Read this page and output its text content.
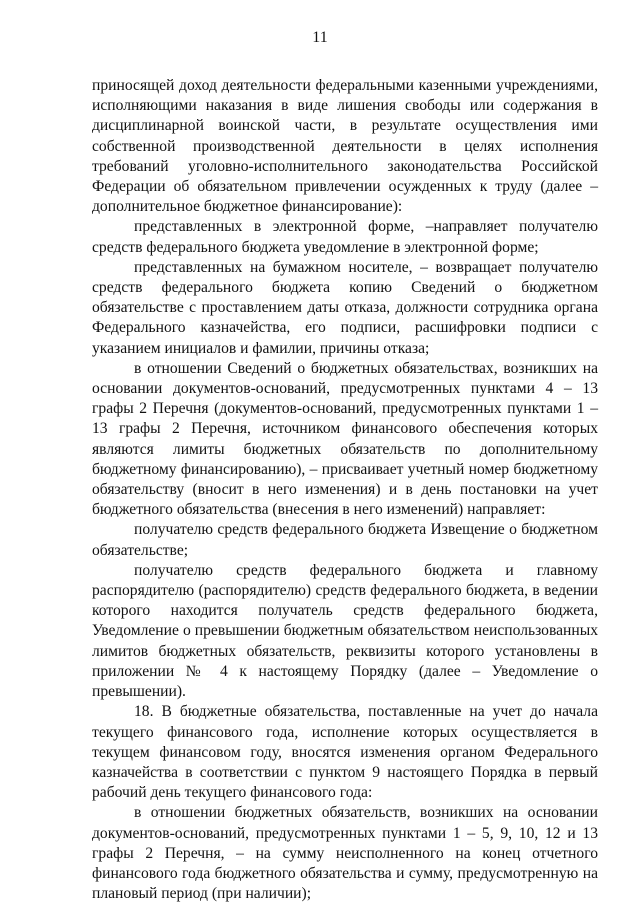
11

приносящей доход деятельности федеральными казенными учреждениями, исполняющими наказания в виде лишения свободы или содержания в дисциплинарной воинской части, в результате осуществления ими собственной производственной деятельности в целях исполнения требований уголовно-исполнительного законодательства Российской Федерации об обязательном привлечении осужденных к труду (далее – дополнительное бюджетное финансирование):

представленных в электронной форме, –направляет получателю средств федерального бюджета уведомление в электронной форме;

представленных на бумажном носителе, – возвращает получателю средств федерального бюджета копию Сведений о бюджетном обязательстве с проставлением даты отказа, должности сотрудника органа Федерального казначейства, его подписи, расшифровки подписи с указанием инициалов и фамилии, причины отказа;

в отношении Сведений о бюджетных обязательствах, возникших на основании документов-оснований, предусмотренных пунктами 4 – 13 графы 2 Перечня (документов-оснований, предусмотренных пунктами 1 – 13 графы 2 Перечня, источником финансового обеспечения которых являются лимиты бюджетных обязательств по дополнительному бюджетному финансированию), – присваивает учетный номер бюджетному обязательству (вносит в него изменения) и в день постановки на учет бюджетного обязательства (внесения в него изменений) направляет:

получателю средств федерального бюджета Извещение о бюджетном обязательстве;

получателю средств федерального бюджета и главному распорядителю (распорядителю) средств федерального бюджета, в ведении которого находится получатель средств федерального бюджета, Уведомление о превышении бюджетным обязательством неиспользованных лимитов бюджетных обязательств, реквизиты которого установлены в приложении № 4 к настоящему Порядку (далее – Уведомление о превышении).

18. В бюджетные обязательства, поставленные на учет до начала текущего финансового года, исполнение которых осуществляется в текущем финансовом году, вносятся изменения органом Федерального казначейства в соответствии с пунктом 9 настоящего Порядка в первый рабочий день текущего финансового года:

в отношении бюджетных обязательств, возникших на основании документов-оснований, предусмотренных пунктами 1 – 5, 9, 10, 12 и 13 графы 2 Перечня, – на сумму неисполненного на конец отчетного финансового года бюджетного обязательства и сумму, предусмотренную на плановый период (при наличии);
